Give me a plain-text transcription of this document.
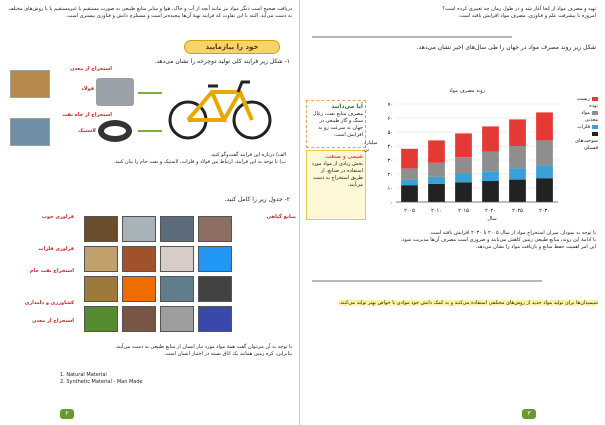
دریافت صحیح است دیگر مواد نیز مانند آنچه از آب و خاک، هوا و سایر منابع طبیعی به صورت مستقیم یا غیرمستقیم یا با روش‌های مختلف
به دست می‌آید. البته با این تفاوت که فرایند تهیهٔ آن‌ها پیچیده‌تر است و مستلزم دانش و فناوری بیشتری است.
خود را بیازمایید
۱- شکل زیر فرایند کلی تولید دوچرخه را نشان می‌دهد.
استخراج از معدن
استخراج از چاه نفت
فولاد
لاستیک
الف) درباره این فرایند گفت‌وگو کنید.
ب) با توجه به این فرایند، ارتباط بین فولاد و فلزات، لاستیک و نفت خام را بیان کنید.
۲- جدول زیر را کامل کنید.
فراوری چوب
فراوری فلزات
استخراج نفت خام
کشاورزی و دامداری
استخراج از معدن
منابع گیاهی
با توجه به آن می‌توان گفت همهٔ مواد مورد نیاز انسان از منابع طبیعی به دست می‌آیند.
بنابراین، کره زمین همانند یک اتاق بسته در اختیار انسان است.
1. Natural Material
2. Synthetic Material - Man Made
۲
تهیه و مصرف مواد از کجا آغاز شد و در طول زمان چه تغییری کرده است؟
امروزه با پیشرفت علم و فناوری، مصرف مواد افزایش یافته است.
شکل زیر روند مصرف مواد در جهان را طی سال‌های اخیر نشان می‌دهد.
آیا می‌دانید
مصرف منابع نفت، زغال سنگ و گاز طبیعی در جهان به سرعت رو به افزایش است.
شیمی و صنعت
بخش زیادی از مواد مورد استفاده در صنایع، از طریق استخراج به دست می‌آیند.
۰
۱۰
۲۰
۳۰
۴۰
۵۰
۶۰
۷۰
۲۰۰۵	۲۰۱۰	۲۰۱۵	۲۰۲۰	۲۰۲۵	۲۰۳۰
زیست توده
مواد معدنی
فلزات
سوخت‌های فسیلی
سال
میلیارد تن
روند مصرف مواد
با توجه به نمودار، میزان استخراج مواد از سال ۲۰۰۵ تا ۲۰۳۰ افزایش یافته است.
با ادامهٔ این روند، منابع طبیعی زمین کاهش می‌یابند و ضروری است مصرف آن‌ها مدیریت شود.
این امر اهمیت حفظ منابع و بازیافت مواد را نشان می‌دهد.
شیمیدان‌ها برای تولید مواد جدید از روش‌های مختلفی استفاده می‌کنند و به کمک دانش خود موادی با خواص بهتر تولید می‌کنند.
۳
